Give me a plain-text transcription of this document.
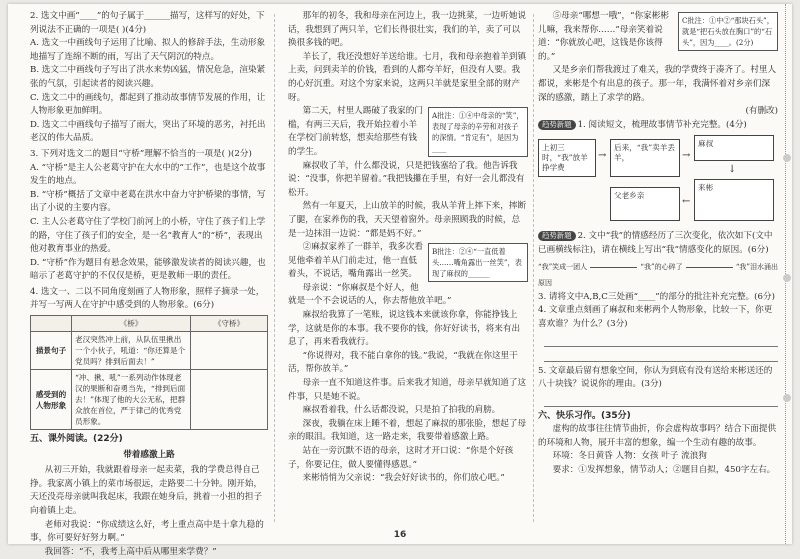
2. 选文中画“____”的句子属于______描写，这样写的好处，下列说法不正确的一项是( )(4分)

A. 选文一中画线句子运用了比喻、拟人的修辞手法，生动形象地描写了连绵不断的雨，写出了天气阴沉的特点。

B. 选文二中画线句子写出了洪水来势凶猛，情况危急，渲染紧张的气氛，引起读者的阅读兴趣。

C. 选文二中的画线句，都起到了推动故事情节发展的作用，让人物形象更加鲜明。

D. 选文二中画线句子描写了雨大，突出了环境的恶劣，衬托出老汉的伟大品质。

3. 下列对选文二的题目“守桥”理解不恰当的一项是( )(2分)

A. “守桥”是主人公老葛守护在大水中的“工作”，也是这个故事发生的地点。

B. “守桥”概括了文章中老葛在洪水中奋力守护桥梁的事情，写出了小说的主要内容。

C. 主人公老葛守住了学校门前河上的小桥，守住了孩子们上学的路，守住了孩子们的安全，是一名“教育人”的“桥”，表现出他对教育事业的热爱。

D. “守桥”作为题目有悬念效果，能够激发读者的阅读兴趣，也暗示了老葛守护的不仅仅是桥，更是教师一职的责任。

4. 选文一、二以不同角度刻画了人物形象，照样子摘录一处，并写一写两人在守护中感受到的人物形象。(6分)

	《桥》	《守桥》
描景句子	老汉突然冲上前，从队伍里揪出一个小伙子，吼道：“你还算是个党员吗？排到后面去！”	
感受到的人物形象	“冲、揪、吼”一系列动作体现老汉的果断和奋勇当先，“排到后面去！”体现了他的大公无私，把群众放在首位，严于律己的优秀党员形象。	

五、课外阅读。(22分)

带着感激上路

从初三开始，我就跟着母亲一起卖菜，我的学费总得自己挣。我家离小镇上的菜市场很远，走路要二十分钟。刚开始，天还没亮母亲就叫我起床，我跟在她身后，挑着一小担的担子向着镇上走。

老师对我说：“你成绩这么好，考上重点高中是十拿九稳的事，你可要好好努力啊。”

我回答：“不，我考上高中后从哪里来学费？”

那年的初冬，我和母亲在河边上，我一边挑菜，一边听她说话，我想到了两只羊，它们长得很壮实，我们的羊，卖了可以换很多钱的吧。

羊长了，我还没想好羊送给谁。七月，我和母亲抱着羊到镇上卖，问到卖羊的价钱，看到的人都夸羊好，但没有人要。我的心好沉重。对这个穷家来说，这两只羊就是家里全部的财产呀。

A批注：①④中母亲的“笑”，表现了母亲的辛劳和对孩子的深情。“肯定有”，是因为____

第二天，村里人踢破了我家的门槛，有两三天后，我开始拉着小羊在学校门前转悠，想卖给那些有钱的学生。

麻叔收了羊，什么都没说，只是把钱塞给了我。他告诉我说：“没事，你把羊留着。”我把钱攥在手里，有好一会儿都没有松开。

然有一年夏天，上山放羊的时候，我从羊背上摔下来，摔断了腿，在家养伤的我，天天望着窗外。母亲照顾我的时候，总是一边抹泪一边说：“都是妈不好。”

B批注：②④“一直低着头……嘴角露出一丝笑”，表现了麻叔的______

②麻叔家养了一群羊，我多次看见他牵着羊从门前走过，他一直低着头，不说话，嘴角露出一丝笑。

母亲说：“你麻叔是个好人，他就是一个不会说话的人，你去帮他放羊吧。”

麻叔给我算了一笔账，说这钱本来就该你拿，你能挣钱上学，这就是你的本事。我不要你的钱，你好好读书，将来有出息了，再来看我就行。

“你说得对，我不能白拿你的钱。”我说，“我就在你这里干活，帮你放羊。”

母亲一直不知道这件事。后来我才知道，母亲早就知道了这件事，只是她不说。

麻叔看着我，什么话都没说，只是拍了拍我的肩膀。

深夜，我躺在床上睡不着，想起了麻叔的那张脸，想起了母亲的眼泪。我知道，这一路走来，我要带着感激上路。

站在一旁沉默不语的母亲，这时才开口说：“你是个好孩子，你要记住，做人要懂得感恩。”

来彬悄悄为父亲说：“我会好好读书的，你们放心吧。”

C批注：①中②“那块石头”，就是“把石头放在胸口”的“石头”，因为____。(2分)

⑤母亲“哪想一哦”，“你家彬彬儿嘛，我来帮你……”母亲笑着说道：“你就放心吧，这钱是你该得的。”

又是乡亲们帮我渡过了难关，我的学费终于凑齐了。村里人都说，来彬是个有出息的孩子。那一年，我满怀着对乡亲们深深的感激，踏上了求学的路。

(有删改)

趋势新题 1. 阅读短文，梳理故事情节补充完整。(4分)

上初三时，“我”放羊挣学费
→
后来，“我”卖羊丢羊，	→
麻叔
↓
父老乡亲
←
来彬

趋势新题 2. 文中“我”的情感经历了三次变化，依次如下(文中已画横线标注)，请在横线上写出“我”情感变化的原因。(6分)

“我”笑成一团人	“我”的心碎了	“我”泪水涌出

原因

3. 请将文中A,B,C三处画“____”的部分的批注补充完整。(6分)

4. 文章重点刻画了麻叔和来彬两个人物形象，比较一下，你更喜欢谁？为什么？(3分)

5. 文章最后留有想象空间，你认为到底有没有送给来彬送还的八十块钱？说说你的理由。(3分)

六、快乐习作。(35分)

虚构的故事往往情节曲折，你会虚构故事吗？结合下面提供的环境和人物，展开丰富的想象，编一个生动有趣的故事。

环境：冬日黄昏 人物：女孩 叶子 流浪狗

要求：①发挥想象，情节动人；②题目自拟，450字左右。

16
